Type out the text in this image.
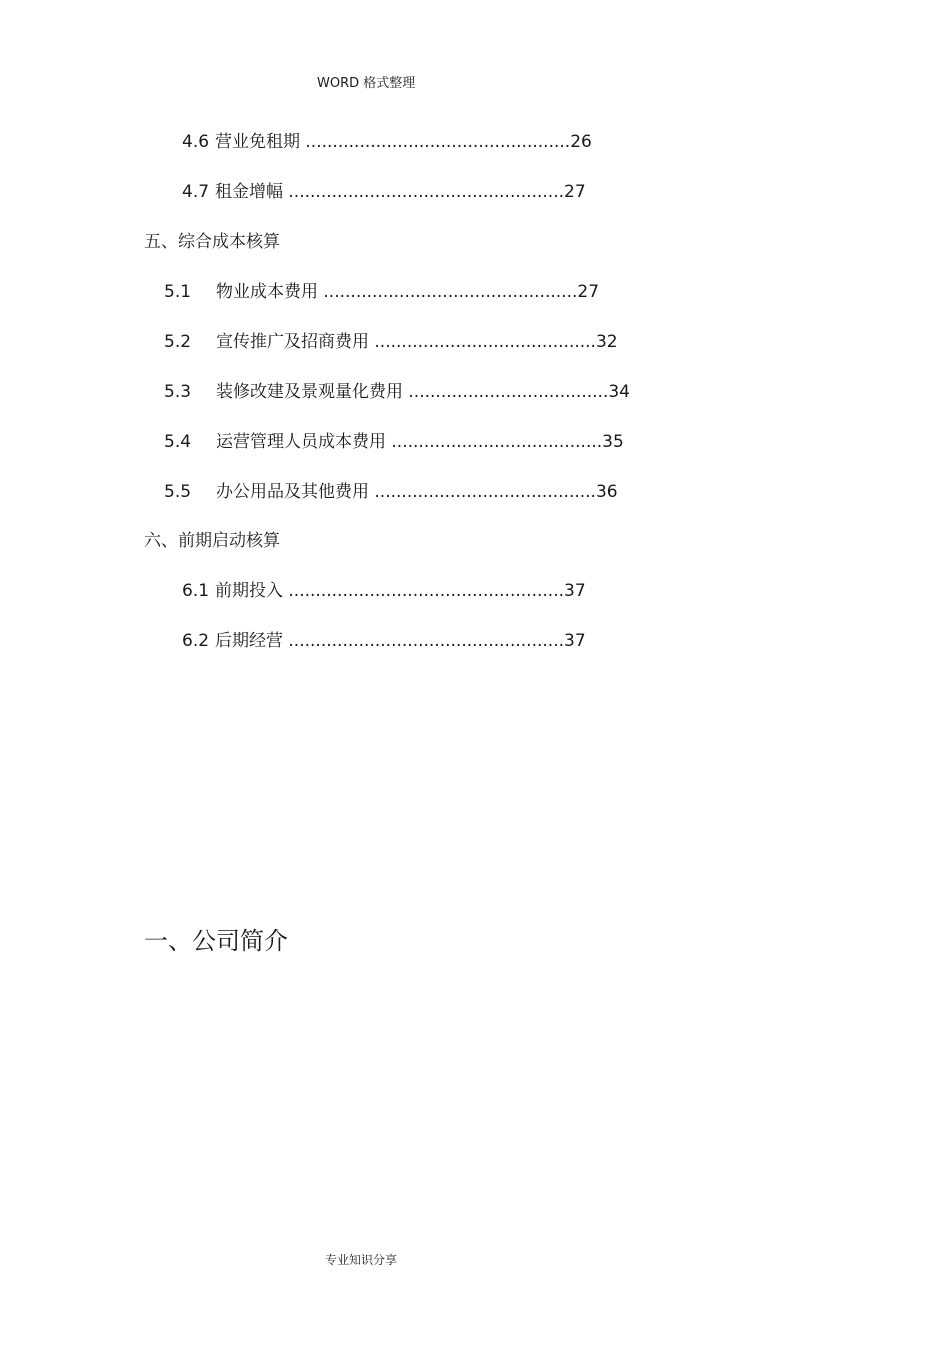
WORD 格式整理
4.6 营业免租期 .................................................26
4.7 租金增幅 ...................................................27
五、综合成本核算
5.1 物业成本费用 ...............................................27
5.2 宣传推广及招商费用 .........................................32
5.3 装修改建及景观量化费用 .....................................34
5.4 运营管理人员成本费用 .......................................35
5.5 办公用品及其他费用 .........................................36
六、前期启动核算
6.1 前期投入 ...................................................37
6.2 后期经营 ...................................................37
一、公司简介
专业知识分享
